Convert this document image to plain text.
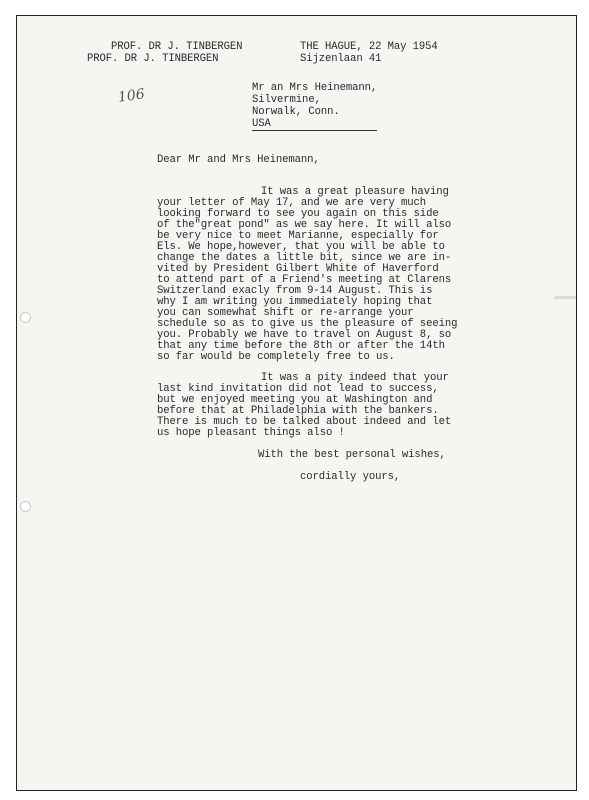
PROF. DR J. TINBERGEN
PROF. DR J. TINBERGEN
THE HAGUE, 22 May 1954
Sijzenlaan 41
106	Mr an Mrs Heinemann,
Silvermine,
Norwalk, Conn.
USA
Dear Mr and Mrs Heinemann,
It was a great pleasure having
your letter of May 17, and we are very much
looking forward to see you again on this side
of the"great pond" as we say here. It will also
be very nice to meet Marianne, especially for
Els. We hope,however, that you will be able to
change the dates a little bit, since we are in-
vited by President Gilbert White of Haverford
to attend part of a Friend's meeting at Clarens
Switzerland exacly from 9-14 August. This is
why I am writing you immediately hoping that
you can somewhat shift or re-arrange your
schedule so as to give us the pleasure of seeing
you. Probably we have to travel on August 8, so
that any time before the 8th or after the 14th
so far would be completely free to us.
It was a pity indeed that your
last kind invitation did not lead to success,
but we enjoyed meeting you at Washington and
before that at Philadelphia with the bankers.
There is much to be talked about indeed and let
us hope pleasant things also !
With the best personal wishes,
cordially yours,
